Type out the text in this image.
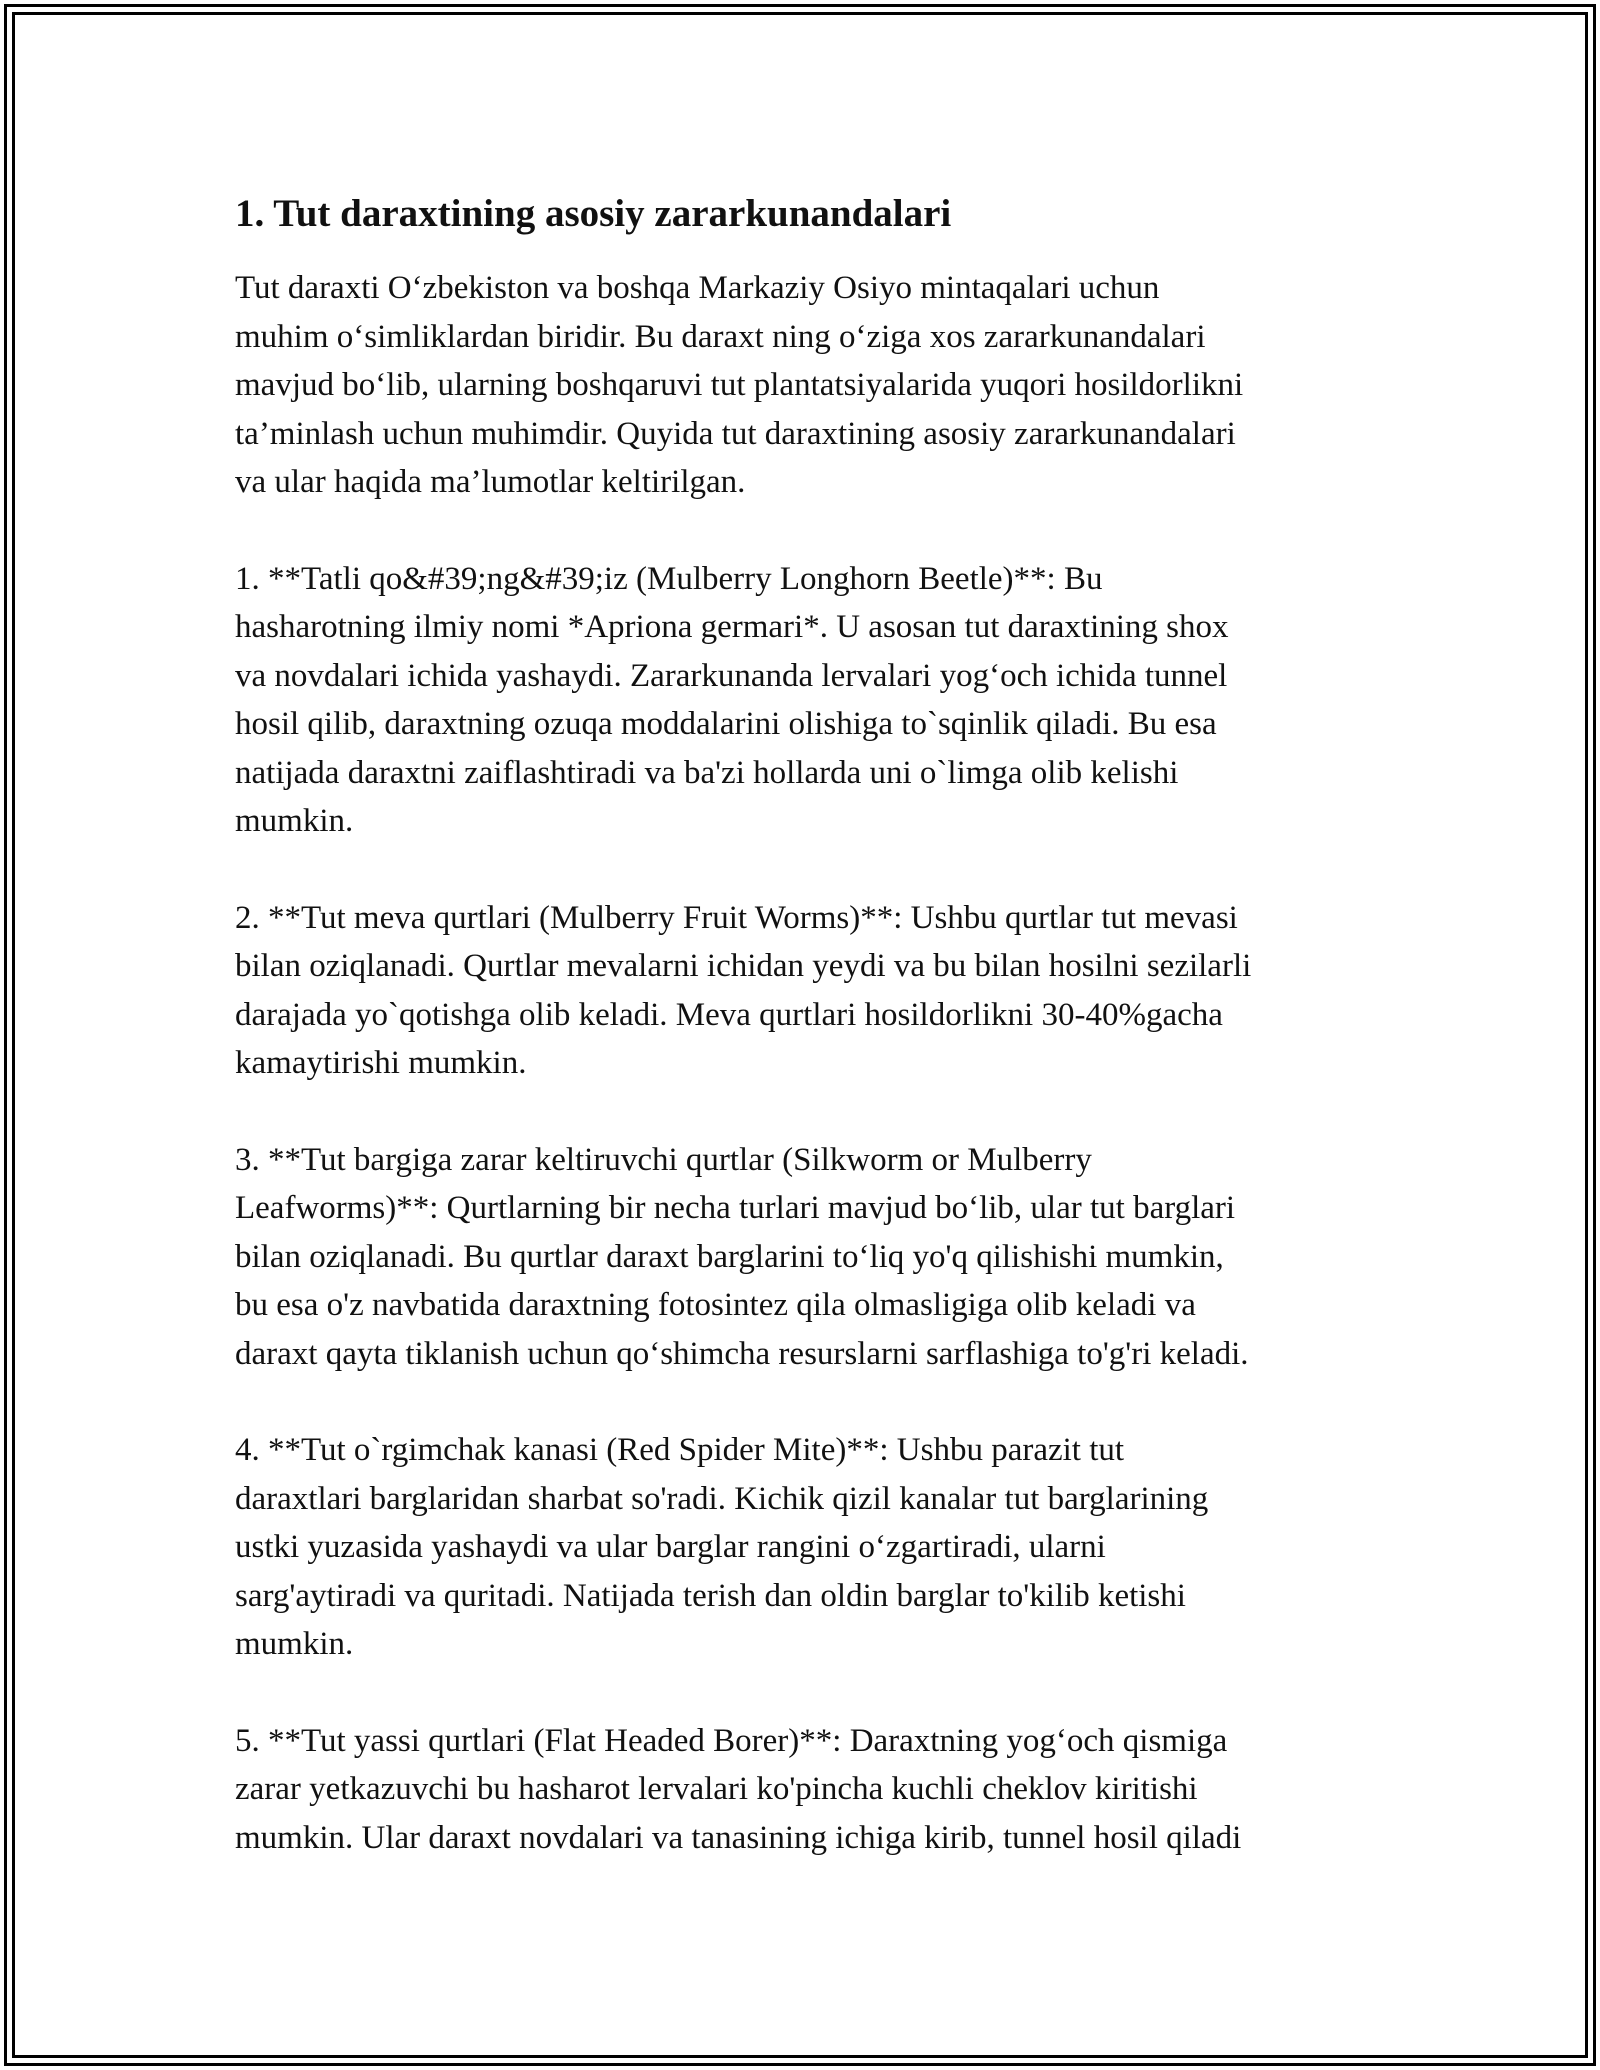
1. Tut daraxtining asosiy zararkunandalari

Tut daraxti O‘zbekiston va boshqa Markaziy Osiyo mintaqalari uchun
muhim o‘simliklardan biridir. Bu daraxt ning o‘ziga xos zararkunandalari
mavjud bo‘lib, ularning boshqaruvi tut plantatsiyalarida yuqori hosildorlikni
ta’minlash uchun muhimdir. Quyida tut daraxtining asosiy zararkunandalari
va ular haqida ma’lumotlar keltirilgan.

1. **Tatli qo&#39;ng&#39;iz (Mulberry Longhorn Beetle)**: Bu
hasharotning ilmiy nomi *Apriona germari*. U asosan tut daraxtining shox
va novdalari ichida yashaydi. Zararkunanda lervalari yog‘och ichida tunnel
hosil qilib, daraxtning ozuqa moddalarini olishiga to`sqinlik qiladi. Bu esa
natijada daraxtni zaiflashtiradi va ba'zi hollarda uni o`limga olib kelishi
mumkin.

2. **Tut meva qurtlari (Mulberry Fruit Worms)**: Ushbu qurtlar tut mevasi
bilan oziqlanadi. Qurtlar mevalarni ichidan yeydi va bu bilan hosilni sezilarli
darajada yo`qotishga olib keladi. Meva qurtlari hosildorlikni 30-40%gacha
kamaytirishi mumkin.

3. **Tut bargiga zarar keltiruvchi qurtlar (Silkworm or Mulberry
Leafworms)**: Qurtlarning bir necha turlari mavjud bo‘lib, ular tut barglari
bilan oziqlanadi. Bu qurtlar daraxt barglarini to‘liq yo'q qilishishi mumkin,
bu esa o'z navbatida daraxtning fotosintez qila olmasligiga olib keladi va
daraxt qayta tiklanish uchun qo‘shimcha resurslarni sarflashiga to'g'ri keladi.

4. **Tut o`rgimchak kanasi (Red Spider Mite)**: Ushbu parazit tut
daraxtlari barglaridan sharbat so'radi. Kichik qizil kanalar tut barglarining
ustki yuzasida yashaydi va ular barglar rangini o‘zgartiradi, ularni
sarg'aytiradi va quritadi. Natijada terish dan oldin barglar to'kilib ketishi
mumkin.

5. **Tut yassi qurtlari (Flat Headed Borer)**: Daraxtning yog‘och qismiga
zarar yetkazuvchi bu hasharot lervalari ko'pincha kuchli cheklov kiritishi
mumkin. Ular daraxt novdalari va tanasining ichiga kirib, tunnel hosil qiladi
